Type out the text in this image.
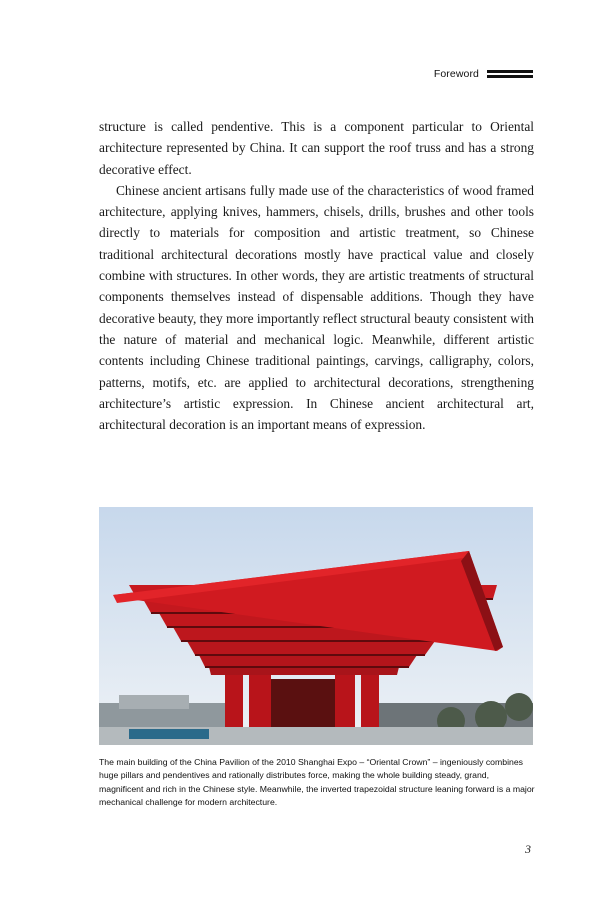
Foreword

structure is called pendentive. This is a component particular to Oriental architecture represented by China. It can support the roof truss and has a strong decorative effect.

Chinese ancient artisans fully made use of the characteristics of wood framed architecture, applying knives, hammers, chisels, drills, brushes and other tools directly to materials for composition and artistic treatment, so Chinese traditional architectural decorations mostly have practical value and closely combine with structures. In other words, they are artistic treatments of structural components themselves instead of dispensable additions. Though they have decorative beauty, they more importantly reflect structural beauty consistent with the nature of material and mechanical logic. Meanwhile, different artistic contents including Chinese traditional paintings, carvings, calligraphy, colors, patterns, motifs, etc. are applied to architectural decorations, strengthening architecture’s artistic expression. In Chinese ancient architectural art, architectural decoration is an important means of expression.

The main building of the China Pavilion of the 2010 Shanghai Expo – “Oriental Crown” – ingeniously combines huge pillars and pendentives and rationally distributes force, making the whole building steady, grand, magnificent and rich in the Chinese style. Meanwhile, the inverted trapezoidal structure leaning forward is a major mechanical challenge for modern architecture.
3
